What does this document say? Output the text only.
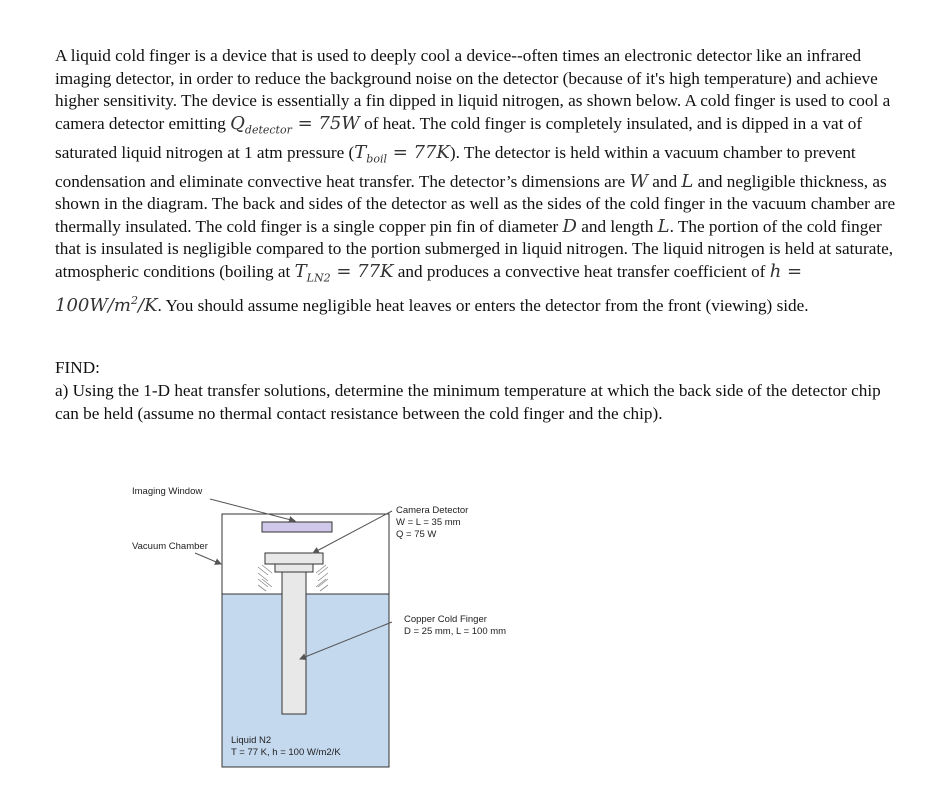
A liquid cold finger is a device that is used to deeply cool a device--often times an electronic detector like an infrared imaging detector, in order to reduce the background noise on the detector (because of it's high temperature) and achieve higher sensitivity. The device is essentially a fin dipped in liquid nitrogen, as shown below. A cold finger is used to cool a camera detector emitting $Q_{detector} = 75W$ of heat. The cold finger is completely insulated, and is dipped in a vat of saturated liquid nitrogen at 1 atm pressure $(T_{boil} = 77K)$. The detector is held within a vacuum chamber to prevent condensation and eliminate convective heat transfer. The detector’s dimensions are W and L and negligible thickness, as shown in the diagram. The back and sides of the detector as well as the sides of the cold finger in the vacuum chamber are thermally insulated. The cold finger is a single copper pin fin of diameter D and length L. The portion of the cold finger that is insulated is negligible compared to the portion submerged in liquid nitrogen. The liquid nitrogen is held at saturate, atmospheric conditions (boiling at $T_{LN2} = 77K$ and produces a convective heat transfer coefficient of $h = 100W/m^2/K$. You should assume negligible heat leaves or enters the detector from the front (viewing) side.

FIND:

a) Using the 1-D heat transfer solutions, determine the minimum temperature at which the back side of the detector chip can be held (assume no thermal contact resistance between the cold finger and the chip).

Imaging Window
Vacuum Chamber
Camera Detector
W = L = 35 mm
Q = 75 W
Copper Cold Finger
D = 25 mm, L = 100 mm
Liquid N2
T = 77 K, h = 100 W/m2/K
